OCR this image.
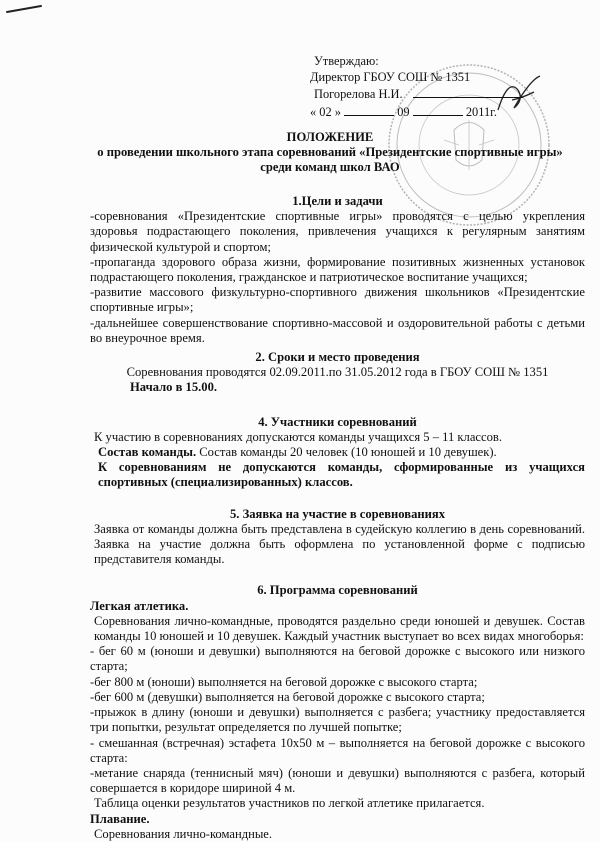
Утверждаю:
Директор ГБОУ СОШ № 1351
Погорелова Н.И.
« 02 »	09	2011г.
ПОЛОЖЕНИЕ
о проведении школьного этапа соревнований «Президентские спортивные игры»
среди команд школ ВАО
1.Цели и задачи

-соревнования «Президентские спортивные игры» проводятся с целью укрепления здоровья подрастающего поколения, привлечения учащихся к регулярным занятиям физической культурой и спортом;

-пропаганда здорового образа жизни, формирование позитивных жизненных установок подрастающего поколения, гражданское и патриотическое воспитание учащихся;

-развитие массового физкультурно-спортивного движения школьников «Президентские спортивные игры»;

-дальнейшее совершенствование спортивно-массовой и оздоровительной работы с детьми во внеурочное время.

2. Сроки и место проведения

Соревнования проводятся 02.09.2011.по 31.05.2012 года в ГБОУ СОШ № 1351

Начало в 15.00.

4. Участники соревнований

К участию в соревнованиях допускаются команды учащихся 5 – 11 классов.

Состав команды. Состав команды 20 человек (10 юношей и 10 девушек).

К соревнованиям не допускаются команды, сформированные из учащихся спортивных (специализированных) классов.

5. Заявка на участие в соревнованиях

Заявка от команды должна быть представлена в судейскую коллегию в день соревнований. Заявка на участие должна быть оформлена по установленной форме с подписью представителя команды.

6. Программа соревнований

Легкая атлетика.

Соревнования лично-командные, проводятся раздельно среди юношей и девушек. Состав команды 10 юношей и 10 девушек. Каждый участник выступает во всех видах многоборья:

- бег 60 м (юноши и девушки) выполняются на беговой дорожке с высокого или низкого старта;

-бег 800 м (юноши) выполняется на беговой дорожке с высокого старта;

-бег 600 м (девушки) выполняется на беговой дорожке с высокого старта;

-прыжок в длину (юноши и девушки) выполняется с разбега; участнику предоставляется три попытки, результат определяется по лучшей попытке;

- смешанная (встречная) эстафета 10х50 м – выполняется на беговой дорожке с высокого старта:

-метание снаряда (теннисный мяч) (юноши и девушки) выполняются с разбега, который совершается в коридоре шириной 4 м.

Таблица оценки результатов участников по легкой атлетике прилагается.

Плавание.

Соревнования лично-командные.
